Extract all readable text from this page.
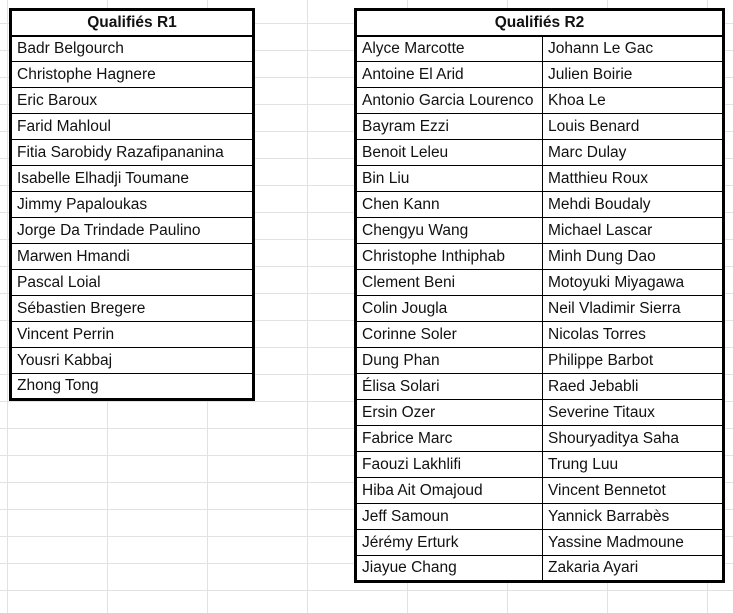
Qualifiés R1
Badr Belgourch
Christophe Hagnere
Eric Baroux
Farid Mahloul
Fitia Sarobidy Razafipananina
Isabelle Elhadji Toumane
Jimmy Papaloukas
Jorge Da Trindade Paulino
Marwen Hmandi
Pascal Loial
Sébastien Bregere
Vincent Perrin
Yousri Kabbaj
Zhong Tong
Qualifiés R2	
Alyce Marcotte	Johann Le Gac
Antoine El Arid	Julien Boirie
Antonio Garcia Lourenco	Khoa Le
Bayram Ezzi	Louis Benard
Benoit Leleu	Marc Dulay
Bin Liu	Matthieu Roux
Chen Kann	Mehdi Boudaly
Chengyu Wang	Michael Lascar
Christophe Inthiphab	Minh Dung Dao
Clement Beni	Motoyuki Miyagawa
Colin Jougla	Neil Vladimir Sierra
Corinne Soler	Nicolas Torres
Dung Phan	Philippe Barbot
Élisa Solari	Raed Jebabli
Ersin Ozer	Severine Titaux
Fabrice Marc	Shouryaditya Saha
Faouzi Lakhlifi	Trung Luu
Hiba Ait Omajoud	Vincent Bennetot
Jeff Samoun	Yannick Barrabès
Jérémy Erturk	Yassine Madmoune
Jiayue Chang	Zakaria Ayari
